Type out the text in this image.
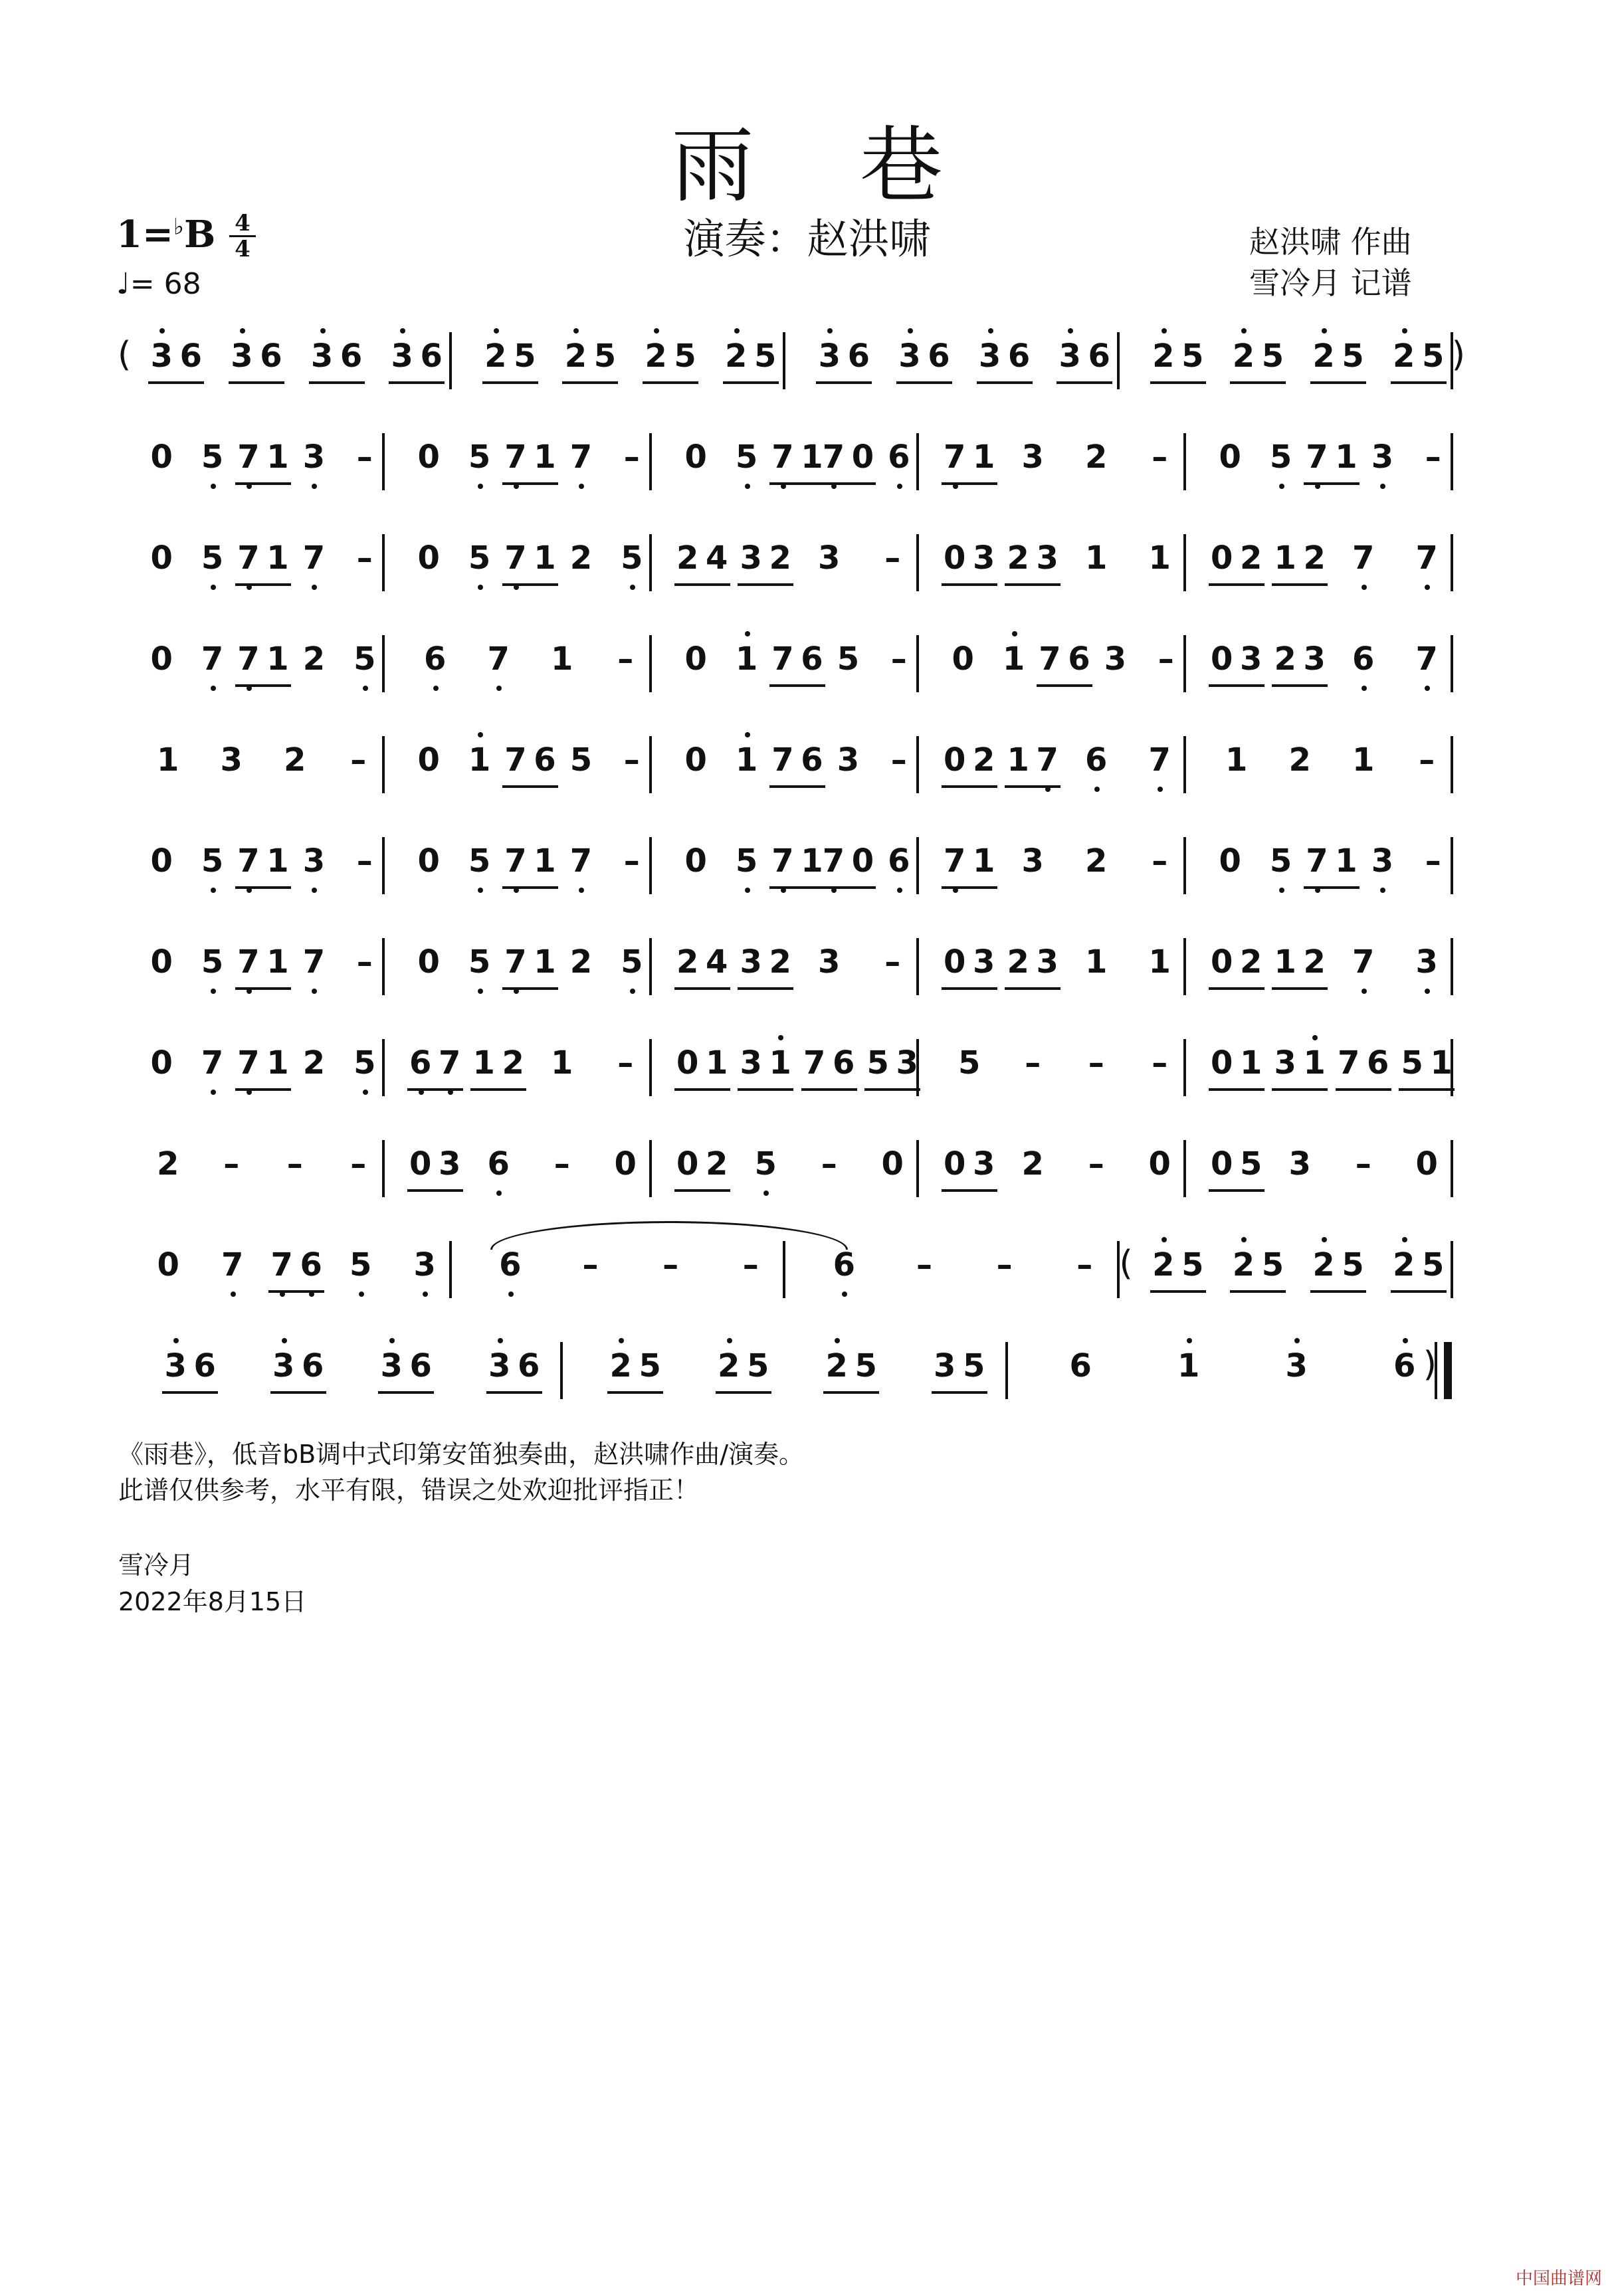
雨巷
演奏：赵洪啸
1=♭B 4
4
♩= 68
赵洪啸 作曲
雪冷月 记谱
( 3 6 3 6 3 6 3 6 2 5 2 5 2 5 2 5 3 6 3 6 3 6 3 6 2 5 2 5 2 5 2 5 )
0 5 7 1 3 – 0 5 7 1 7 – 0 5 7 1
7 0 6 7 1 3 2 – 0 5 7 1 3 –
0 5 7 1 7 – 0 5 7 1 2 5 2 4 3 2 3 – 0 3 2 3 1 1 0 2 1 2 7 7
0 7 7 1 2 5 6 7 1 – 0 1 7 6 5 – 0 1 7 6 3 – 0 3 2 3 6 7
1 3 2 – 0 1 7 6 5 – 0 1 7 6 3 – 0 2 1 7 6 7 1 2 1 –
0 5 7 1 3 – 0 5 7 1 7 – 0 5 7 1
7 0 6 7 1 3 2 – 0 5 7 1 3 –
0 5 7 1 7 – 0 5 7 1 2 5 2 4 3 2 3 – 0 3 2 3 1 1 0 2 1 2 7 3
0 7 7 1 2 5 6 7 1 2 1 – 0 1 3 1 7 6 5 3 5 – – – 0 1 3 1 7 6 5 1
2 – – – 0 3 6 – 0 0 2 5 – 0 0 3 2 – 0 0 5 3 – 0
0 7 7 6 5 3 6 – – – 6 – – – ( 2 5 2 5 2 5 2 5
3 6 3 6 3 6 3 6 2 5 2 5 2 5 3 5	6	1	3	6 )
《雨巷》，低音bB调中式印第安笛独奏曲，赵洪啸作曲/演奏。
此谱仅供参考，水平有限，错误之处欢迎批评指正！
雪冷月
2022年8月15日
中国曲谱网
